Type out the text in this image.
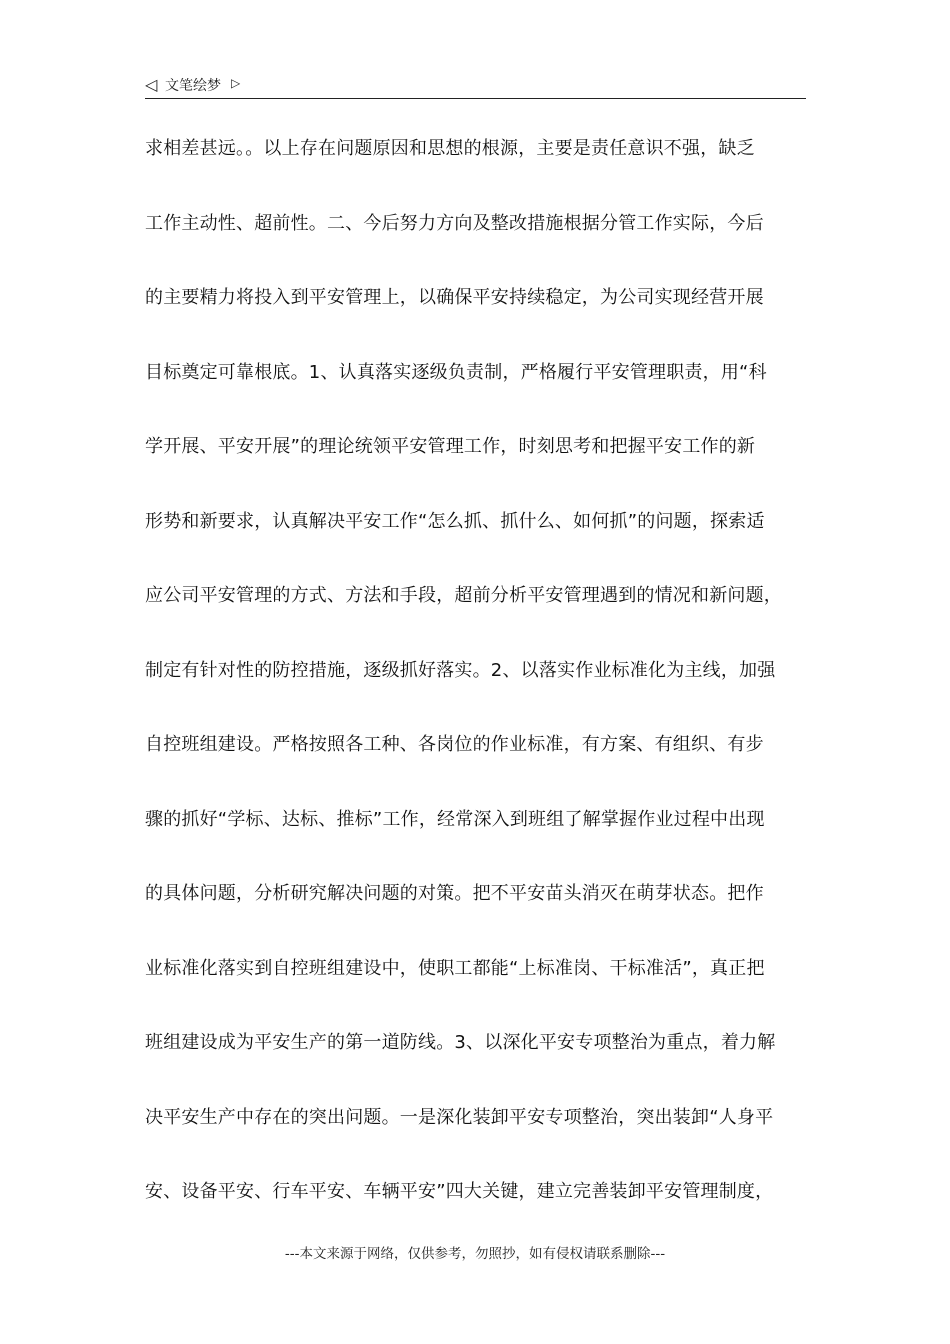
◁ 文笔绘梦 ▷
求相差甚远。。以上存在问题原因和思想的根源，主要是责任意识不强，缺乏
工作主动性、超前性。二、今后努力方向及整改措施根据分管工作实际，今后
的主要精力将投入到平安管理上，以确保平安持续稳定，为公司实现经营开展
目标奠定可靠根底。1、认真落实逐级负责制，严格履行平安管理职责，用“科
学开展、平安开展”的理论统领平安管理工作，时刻思考和把握平安工作的新
形势和新要求，认真解决平安工作“怎么抓、抓什么、如何抓”的问题，探索适
应公司平安管理的方式、方法和手段，超前分析平安管理遇到的情况和新问题，
制定有针对性的防控措施，逐级抓好落实。2、以落实作业标准化为主线，加强
自控班组建设。严格按照各工种、各岗位的作业标准，有方案、有组织、有步
骤的抓好“学标、达标、推标”工作，经常深入到班组了解掌握作业过程中出现
的具体问题，分析研究解决问题的对策。把不平安苗头消灭在萌芽状态。把作
业标准化落实到自控班组建设中，使职工都能“上标准岗、干标准活”，真正把
班组建设成为平安生产的第一道防线。3、以深化平安专项整治为重点，着力解
决平安生产中存在的突出问题。一是深化装卸平安专项整治，突出装卸“人身平
安、设备平安、行车平安、车辆平安”四大关键，建立完善装卸平安管理制度，
---本文来源于网络，仅供参考，勿照抄，如有侵权请联系删除---
